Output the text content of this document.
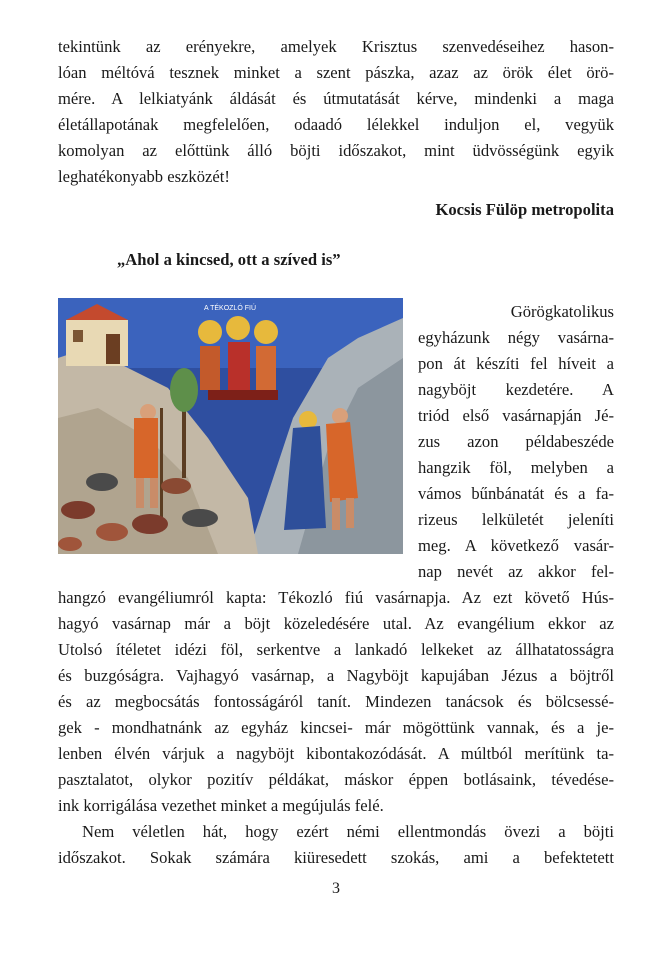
tekintünk az erényekre, amelyek Krisztus szenvedéseihez hason-
lóan méltóvá tesznek minket a szent pászka, azaz az örök élet örö-
mére. A lelkiatyánk áldását és útmutatását kérve, mindenki a maga
életállapotának megfelelően, odaadó lélekkel induljon el, vegyük
komolyan az előttünk álló böjti időszakot, mint üdvösségünk egyik
leghatékonyabb eszközét!
Kocsis Fülöp metropolita
„Ahol a kincsed, ott a szíved is”
A TÉKOZLÓ FIÚ	Görögkatolikus
egyházunk négy vasárna-
pon át készíti fel híveit a
nagyböjt kezdetére. A
triód első vasárnapján Jé-
zus azon példabeszéde
hangzik föl, melyben a
vámos bűnbánatát és a fa-
rizeus lelkületét jeleníti
meg. A következő vasár-
nap nevét az akkor fel-
hangzó evangéliumról kapta: Tékozló fiú vasárnapja. Az ezt követő Hús-
hagyó vasárnap már a böjt közeledésére utal. Az evangélium ekkor az
Utolsó ítéletet idézi föl, serkentve a lankadó lelkeket az állhatatosságra
és buzgóságra. Vajhagyó vasárnap, a Nagyböjt kapujában Jézus a böjtről
és az megbocsátás fontosságáról tanít. Mindezen tanácsok és bölcsessé-
gek - mondhatnánk az egyház kincsei- már mögöttünk vannak, és a je-
lenben élvén várjuk a nagyböjt kibontakozódását. A múltból merítünk ta-
pasztalatot, olykor pozitív példákat, máskor éppen botlásaink, tévedése-
ink korrigálása vezethet minket a megújulás felé.
Nem véletlen hát, hogy ezért némi ellentmondás övezi a böjti
időszakot. Sokak számára kiüresedett szokás, ami a befektetett
3
